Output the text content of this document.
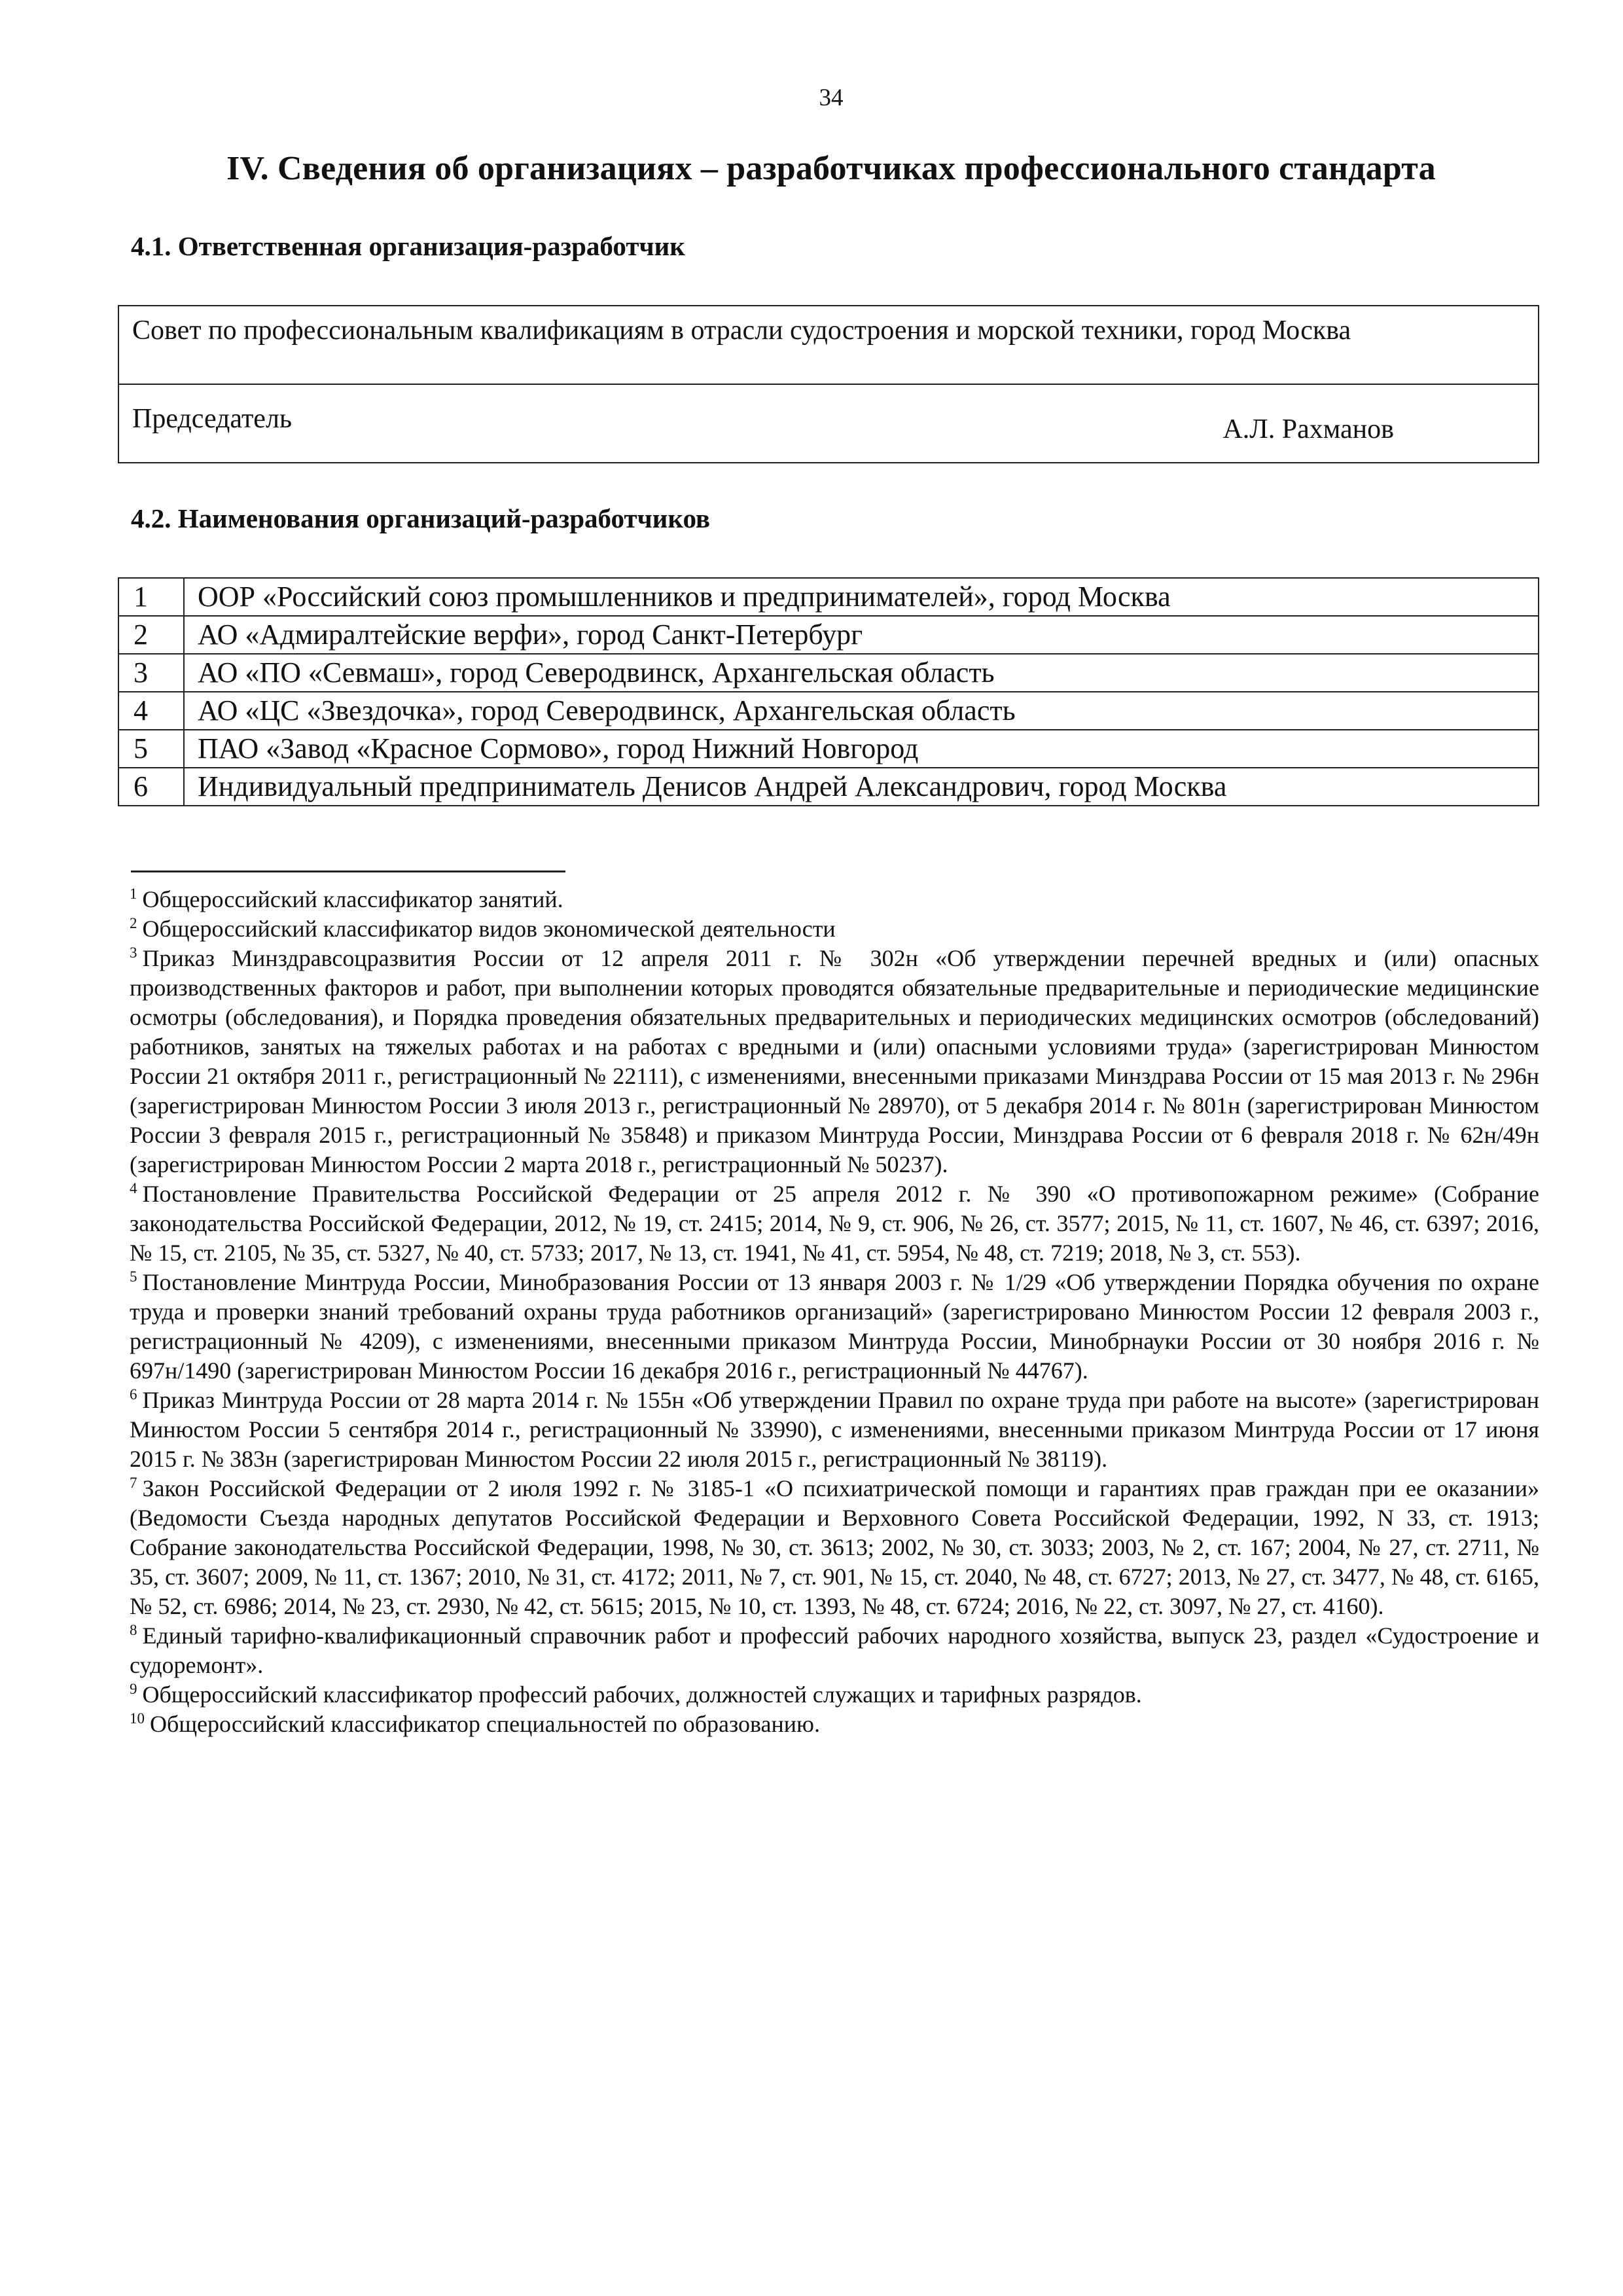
34
IV. Сведения об организациях – разработчиках профессионального стандарта
4.1. Ответственная организация-разработчик
Совет по профессиональным квалификациям в отрасли судостроения и морской техники, город Москва
Председатель	А.Л. Рахманов
4.2. Наименования организаций-разработчиков
1	ООР «Российский союз промышленников и предпринимателей», город Москва
2	АО «Адмиралтейские верфи», город Санкт-Петербург
3	АО «ПО «Севмаш», город Северодвинск, Архангельская область
4	АО «ЦС «Звездочка», город Северодвинск, Архангельская область
5	ПАО «Завод «Красное Сормово», город Нижний Новгород
6	Индивидуальный предприниматель Денисов Андрей Александрович, город Москва

$^1$ Общероссийский классификатор занятий.

$^2$ Общероссийский классификатор видов экономической деятельности

$^3$ Приказ Минздравсоцразвития России от 12 апреля 2011 г. № 302н «Об утверждении перечней вредных и (или) опасных производственных факторов и работ, при выполнении которых проводятся обязательные предварительные и периодические медицинские осмотры (обследования), и Порядка проведения обязательных предварительных и периодических медицинских осмотров (обследований) работников, занятых на тяжелых работах и на работах с вредными и (или) опасными условиями труда» (зарегистрирован Минюстом России 21 октября 2011 г., регистрационный № 22111), с изменениями, внесенными приказами Минздрава России от 15 мая 2013 г. № 296н (зарегистрирован Минюстом России 3 июля 2013 г., регистрационный № 28970), от 5 декабря 2014 г. № 801н (зарегистрирован Минюстом России 3 февраля 2015 г., регистрационный № 35848) и приказом Минтруда России, Минздрава России от 6 февраля 2018 г. № 62н/49н (зарегистрирован Минюстом России 2 марта 2018 г., регистрационный № 50237).

$^4$ Постановление Правительства Российской Федерации от 25 апреля 2012 г. № 390 «О противопожарном режиме» (Собрание законодательства Российской Федерации, 2012, № 19, ст. 2415; 2014, № 9, ст. 906, № 26, ст. 3577; 2015, № 11, ст. 1607, № 46, ст. 6397; 2016, № 15, ст. 2105, № 35, ст. 5327, № 40, ст. 5733; 2017, № 13, ст. 1941, № 41, ст. 5954, № 48, ст. 7219; 2018, № 3, ст. 553).

$^5$ Постановление Минтруда России, Минобразования России от 13 января 2003 г. № 1/29 «Об утверждении Порядка обучения по охране труда и проверки знаний требований охраны труда работников организаций» (зарегистрировано Минюстом России 12 февраля 2003 г., регистрационный № 4209), с изменениями, внесенными приказом Минтруда России, Минобрнауки России от 30 ноября 2016 г. № 697н/1490 (зарегистрирован Минюстом России 16 декабря 2016 г., регистрационный № 44767).

$^6$ Приказ Минтруда России от 28 марта 2014 г. № 155н «Об утверждении Правил по охране труда при работе на высоте» (зарегистрирован Минюстом России 5 сентября 2014 г., регистрационный № 33990), с изменениями, внесенными приказом Минтруда России от 17 июня 2015 г. № 383н (зарегистрирован Минюстом России 22 июля 2015 г., регистрационный № 38119).

$^7$ Закон Российской Федерации от 2 июля 1992 г. № 3185-1 «О психиатрической помощи и гарантиях прав граждан при ее оказании» (Ведомости Съезда народных депутатов Российской Федерации и Верховного Совета Российской Федерации, 1992, N 33, ст. 1913; Собрание законодательства Российской Федерации, 1998, № 30, ст. 3613; 2002, № 30, ст. 3033; 2003, № 2, ст. 167; 2004, № 27, ст. 2711, № 35, ст. 3607; 2009, № 11, ст. 1367; 2010, № 31, ст. 4172; 2011, № 7, ст. 901, № 15, ст. 2040, № 48, ст. 6727; 2013, № 27, ст. 3477, № 48, ст. 6165, № 52, ст. 6986; 2014, № 23, ст. 2930, № 42, ст. 5615; 2015, № 10, ст. 1393, № 48, ст. 6724; 2016, № 22, ст. 3097, № 27, ст. 4160).

$^8$ Единый тарифно-квалификационный справочник работ и профессий рабочих народного хозяйства, выпуск 23, раздел «Судостроение и судоремонт».

$^9$ Общероссийский классификатор профессий рабочих, должностей служащих и тарифных разрядов.

$^{10}$ Общероссийский классификатор специальностей по образованию.
